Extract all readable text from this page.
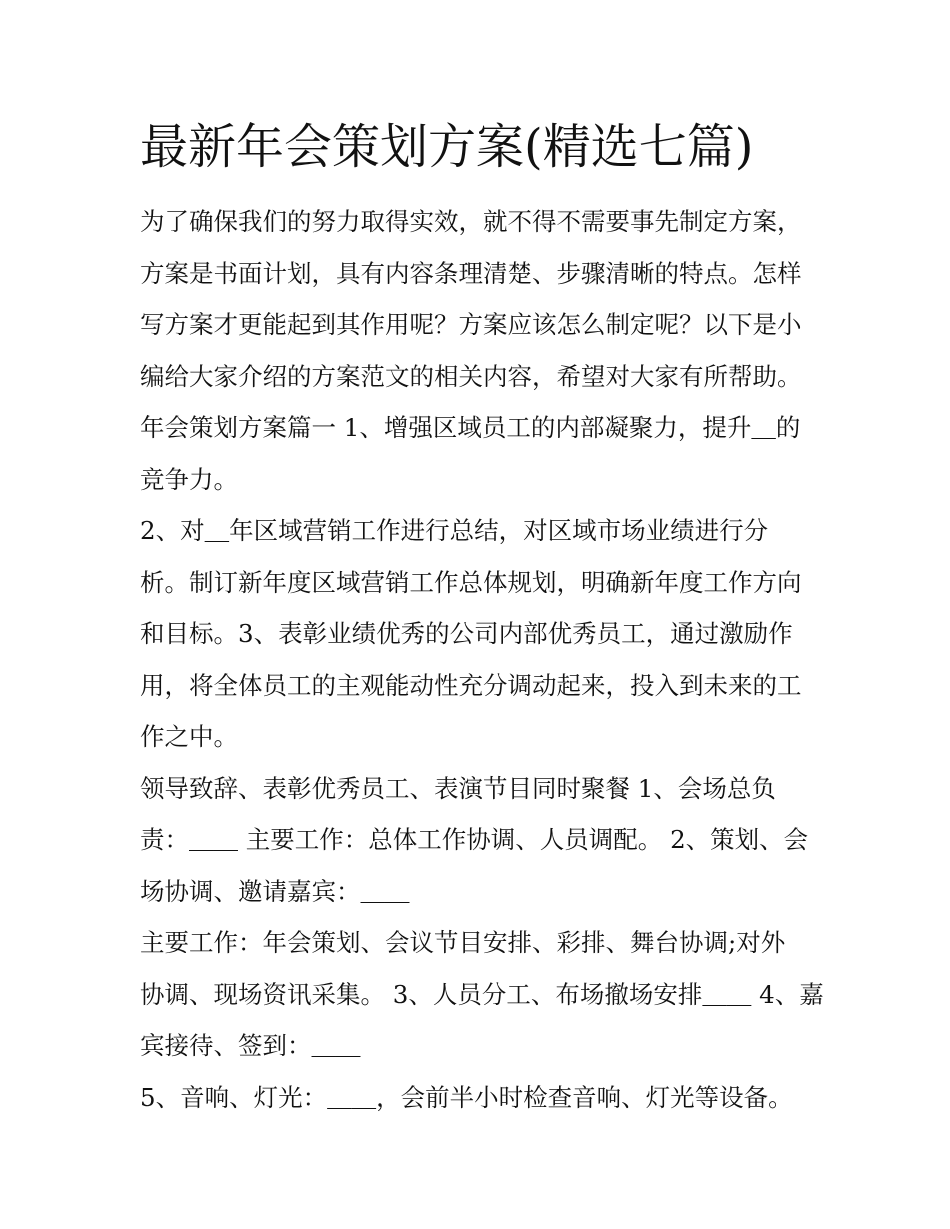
最新年会策划方案(精选七篇)

为了确保我们的努力取得实效，就不得不需要事先制定方案，

方案是书面计划，具有内容条理清楚、步骤清晰的特点。怎样

写方案才更能起到其作用呢？方案应该怎么制定呢？以下是小

编给大家介绍的方案范文的相关内容，希望对大家有所帮助。

年会策划方案篇一 1、增强区域员工的内部凝聚力，提升＿的

竞争力。

2、对＿年区域营销工作进行总结，对区域市场业绩进行分

析。制订新年度区域营销工作总体规划，明确新年度工作方向

和目标。3、表彰业绩优秀的公司内部优秀员工，通过激励作

用，将全体员工的主观能动性充分调动起来，投入到未来的工

作之中。

领导致辞、表彰优秀员工、表演节目同时聚餐 1、会场总负

责：＿＿ 主要工作：总体工作协调、人员调配。 2、策划、会

场协调、邀请嘉宾：＿＿

主要工作：年会策划、会议节目安排、彩排、舞台协调;对外

协调、现场资讯采集。 3、人员分工、布场撤场安排＿＿ 4、嘉

宾接待、签到：＿＿

5、音响、灯光：＿＿，会前半小时检查音响、灯光等设备。
